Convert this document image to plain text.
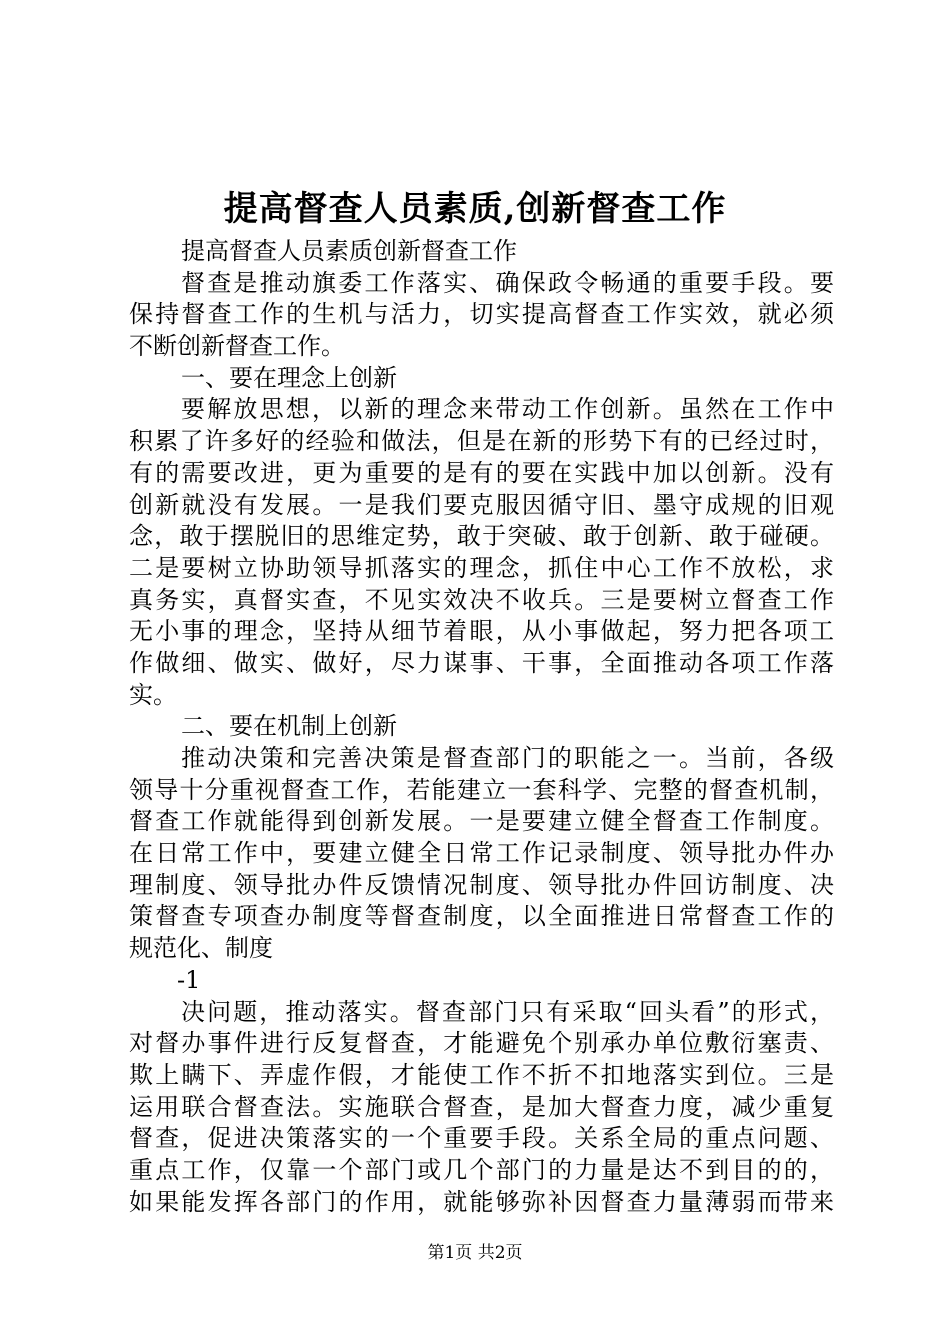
提高督查人员素质,创新督查工作
提高督查人员素质创新督查工作
督查是推动旗委工作落实、确保政令畅通的重要手段。要
保持督查工作的生机与活力，切实提高督查工作实效，就必须
不断创新督查工作。
一、要在理念上创新
要解放思想，以新的理念来带动工作创新。虽然在工作中
积累了许多好的经验和做法，但是在新的形势下有的已经过时，
有的需要改进，更为重要的是有的要在实践中加以创新。没有
创新就没有发展。一是我们要克服因循守旧、墨守成规的旧观
念，敢于摆脱旧的思维定势，敢于突破、敢于创新、敢于碰硬。
二是要树立协助领导抓落实的理念，抓住中心工作不放松，求
真务实，真督实查，不见实效决不收兵。三是要树立督查工作
无小事的理念，坚持从细节着眼，从小事做起，努力把各项工
作做细、做实、做好，尽力谋事、干事，全面推动各项工作落
实。
二、要在机制上创新
推动决策和完善决策是督查部门的职能之一。当前，各级
领导十分重视督查工作，若能建立一套科学、完整的督查机制，
督查工作就能得到创新发展。一是要建立健全督查工作制度。
在日常工作中，要建立健全日常工作记录制度、领导批办件办
理制度、领导批办件反馈情况制度、领导批办件回访制度、决
策督查专项查办制度等督查制度，以全面推进日常督查工作的
规范化、制度
-1
决问题，推动落实。督查部门只有采取“回头看”的形式，
对督办事件进行反复督查，才能避免个别承办单位敷衍塞责、
欺上瞒下、弄虚作假，才能使工作不折不扣地落实到位。三是
运用联合督查法。实施联合督查，是加大督查力度，减少重复
督查，促进决策落实的一个重要手段。关系全局的重点问题、
重点工作，仅靠一个部门或几个部门的力量是达不到目的的，
如果能发挥各部门的作用，就能够弥补因督查力量薄弱而带来
第1页 共2页
